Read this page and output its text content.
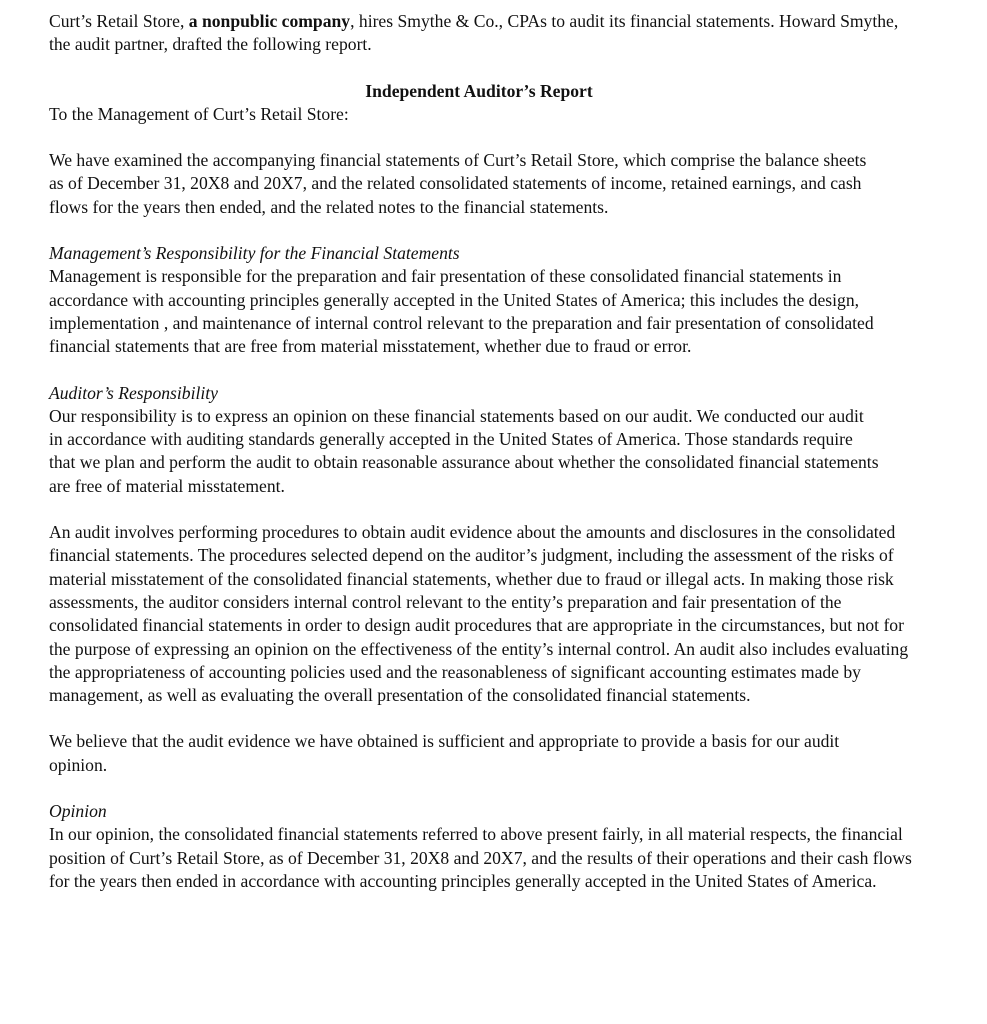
Curt’s Retail Store, a nonpublic company, hires Smythe & Co., CPAs to audit its financial statements. Howard Smythe, the audit partner, drafted the following report.

Independent Auditor’s Report

To the Management of Curt’s Retail Store:

We have examined the accompanying financial statements of Curt’s Retail Store, which comprise the balance sheets as of December 31, 20X8 and 20X7, and the related consolidated statements of income, retained earnings, and cash flows for the years then ended, and the related notes to the financial statements.

Management’s Responsibility for the Financial Statements

Management is responsible for the preparation and fair presentation of these consolidated financial statements in accordance with accounting principles generally accepted in the United States of America; this includes the design, implementation , and maintenance of internal control relevant to the preparation and fair presentation of consolidated financial statements that are free from material misstatement, whether due to fraud or error.

Auditor’s Responsibility

Our responsibility is to express an opinion on these financial statements based on our audit. We conducted our audit in accordance with auditing standards generally accepted in the United States of America. Those standards require that we plan and perform the audit to obtain reasonable assurance about whether the consolidated financial statements are free of material misstatement.

An audit involves performing procedures to obtain audit evidence about the amounts and disclosures in the consolidated financial statements. The procedures selected depend on the auditor’s judgment, including the assessment of the risks of material misstatement of the consolidated financial statements, whether due to fraud or illegal acts. In making those risk assessments, the auditor considers internal control relevant to the entity’s preparation and fair presentation of the consolidated financial statements in order to design audit procedures that are appropriate in the circumstances, but not for the purpose of expressing an opinion on the effectiveness of the entity’s internal control. An audit also includes evaluating the appropriateness of accounting policies used and the reasonableness of significant accounting estimates made by management, as well as evaluating the overall presentation of the consolidated financial statements.

We believe that the audit evidence we have obtained is sufficient and appropriate to provide a basis for our audit opinion.

Opinion

In our opinion, the consolidated financial statements referred to above present fairly, in all material respects, the financial position of Curt’s Retail Store, as of December 31, 20X8 and 20X7, and the results of their operations and their cash flows for the years then ended in accordance with accounting principles generally accepted in the United States of America.
